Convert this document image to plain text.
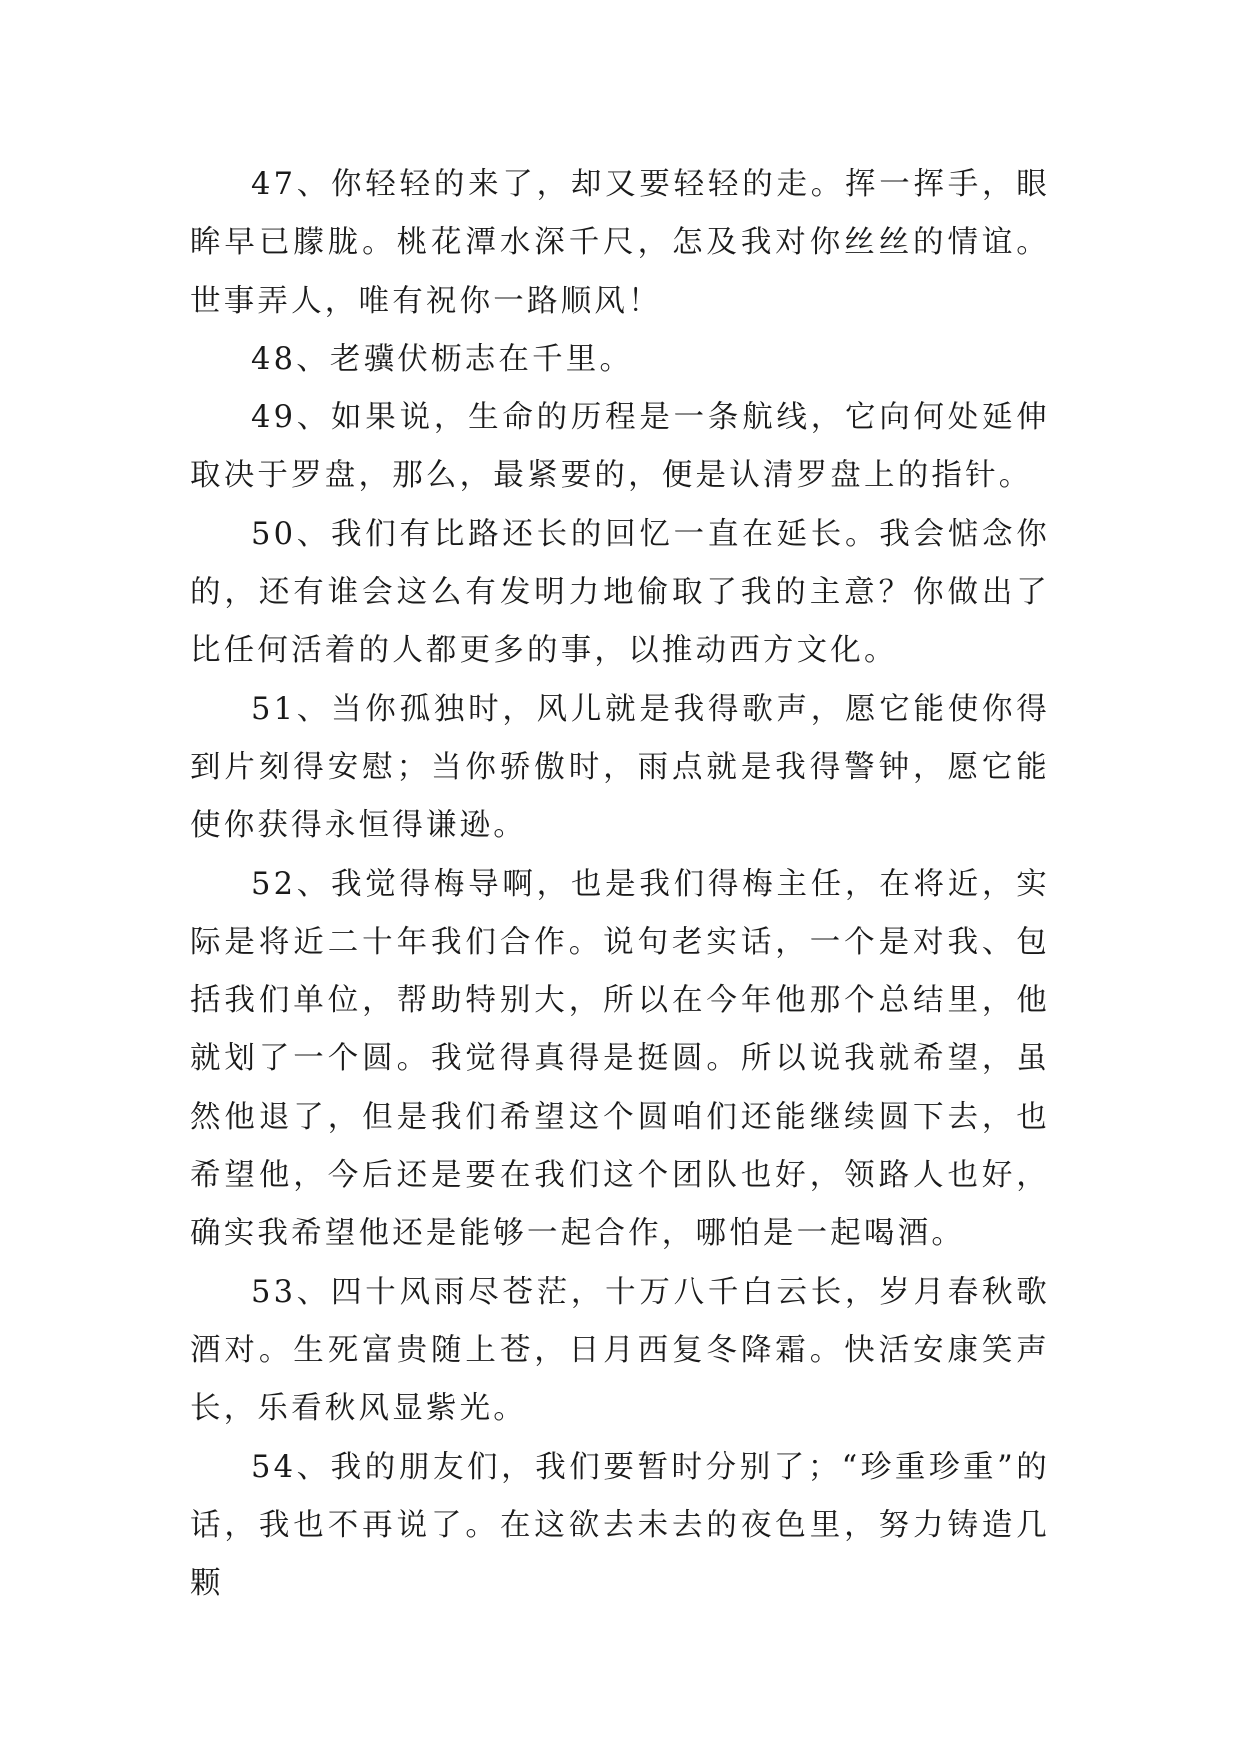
47、你轻轻的来了，却又要轻轻的走。挥一挥手，眼眸早已朦胧。桃花潭水深千尺，怎及我对你丝丝的情谊。世事弄人，唯有祝你一路顺风！

48、老骥伏枥志在千里。

49、如果说，生命的历程是一条航线，它向何处延伸取决于罗盘，那么，最紧要的，便是认清罗盘上的指针。

50、我们有比路还长的回忆一直在延长。我会惦念你的，还有谁会这么有发明力地偷取了我的主意？你做出了比任何活着的人都更多的事，以推动西方文化。

51、当你孤独时，风儿就是我得歌声，愿它能使你得到片刻得安慰；当你骄傲时，雨点就是我得警钟，愿它能使你获得永恒得谦逊。

52、我觉得梅导啊，也是我们得梅主任，在将近，实际是将近二十年我们合作。说句老实话，一个是对我、包括我们单位，帮助特别大，所以在今年他那个总结里，他就划了一个圆。我觉得真得是挺圆。所以说我就希望，虽然他退了，但是我们希望这个圆咱们还能继续圆下去，也希望他，今后还是要在我们这个团队也好，领路人也好，确实我希望他还是能够一起合作，哪怕是一起喝酒。

53、四十风雨尽苍茫，十万八千白云长，岁月春秋歌酒对。生死富贵随上苍，日月西复冬降霜。快活安康笑声长，乐看秋风显紫光。

54、我的朋友们，我们要暂时分别了；“珍重珍重”的话，我也不再说了。在这欲去未去的夜色里，努力铸造几颗
